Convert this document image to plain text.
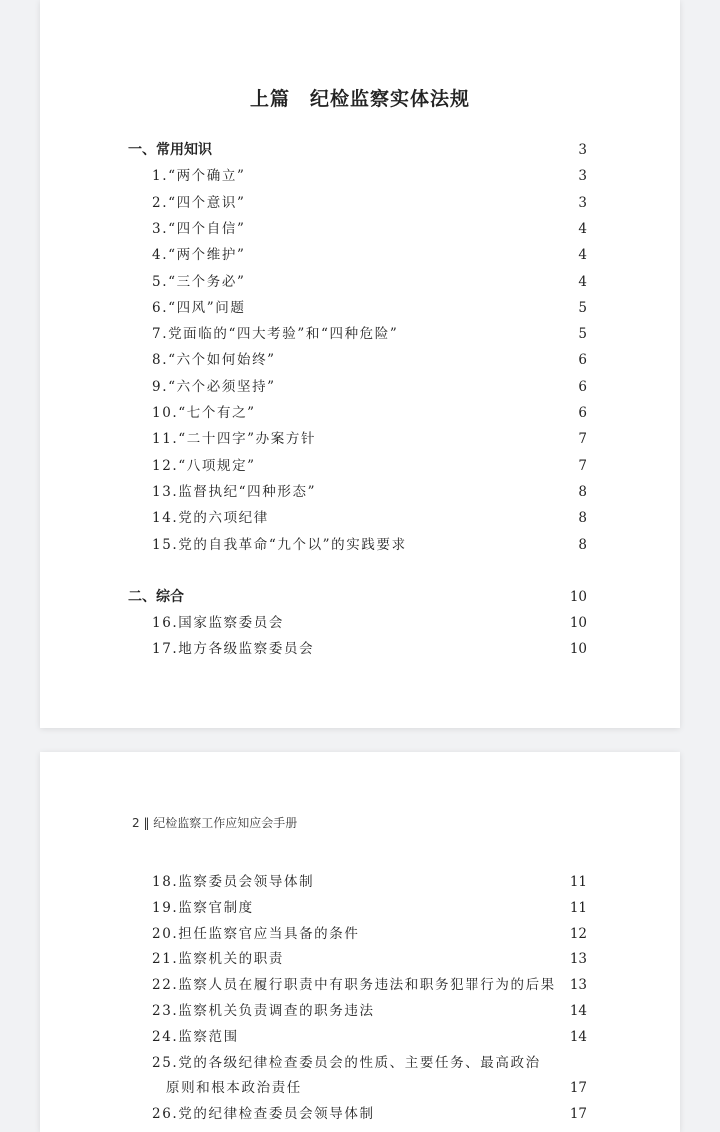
上篇　纪检监察实体法规
一、常用知识	3
1.“两个确立”	3
2.“四个意识”	3
3.“四个自信”	4
4.“两个维护”	4
5.“三个务必”	4
6.“四风”问题	5
7.党面临的“四大考验”和“四种危险”	5
8.“六个如何始终”	6
9.“六个必须坚持”	6
10.“七个有之”	6
11.“二十四字”办案方针	7
12.“八项规定”	7
13.监督执纪“四种形态”	8
14.党的六项纪律	8
15.党的自我革命“九个以”的实践要求	8
二、综合	10
16.国家监察委员会	10
17.地方各级监察委员会	10
2 ‖ 纪检监察工作应知应会手册
18.监察委员会领导体制	11
19.监察官制度	11
20.担任监察官应当具备的条件	12
21.监察机关的职责	13
22.监察人员在履行职责中有职务违法和职务犯罪行为的后果 13
23.监察机关负责调查的职务违法	14
24.监察范围	14
25.党的各级纪律检查委员会的性质、主要任务、最高政治
原则和根本政治责任	17
26.党的纪律检查委员会领导体制	17
